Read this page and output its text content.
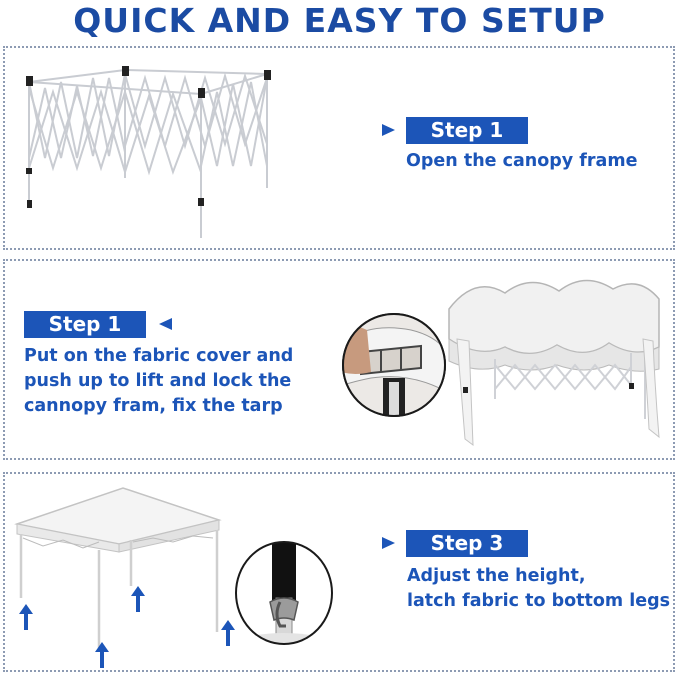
QUICK AND EASY TO SETUP
Step 1
Open the canopy frame
Step 1
Put on the fabric cover and
push up to lift and lock the
cannopy fram, fix the tarp
Step 3
Adjust the height,
latch fabric to bottom legs
